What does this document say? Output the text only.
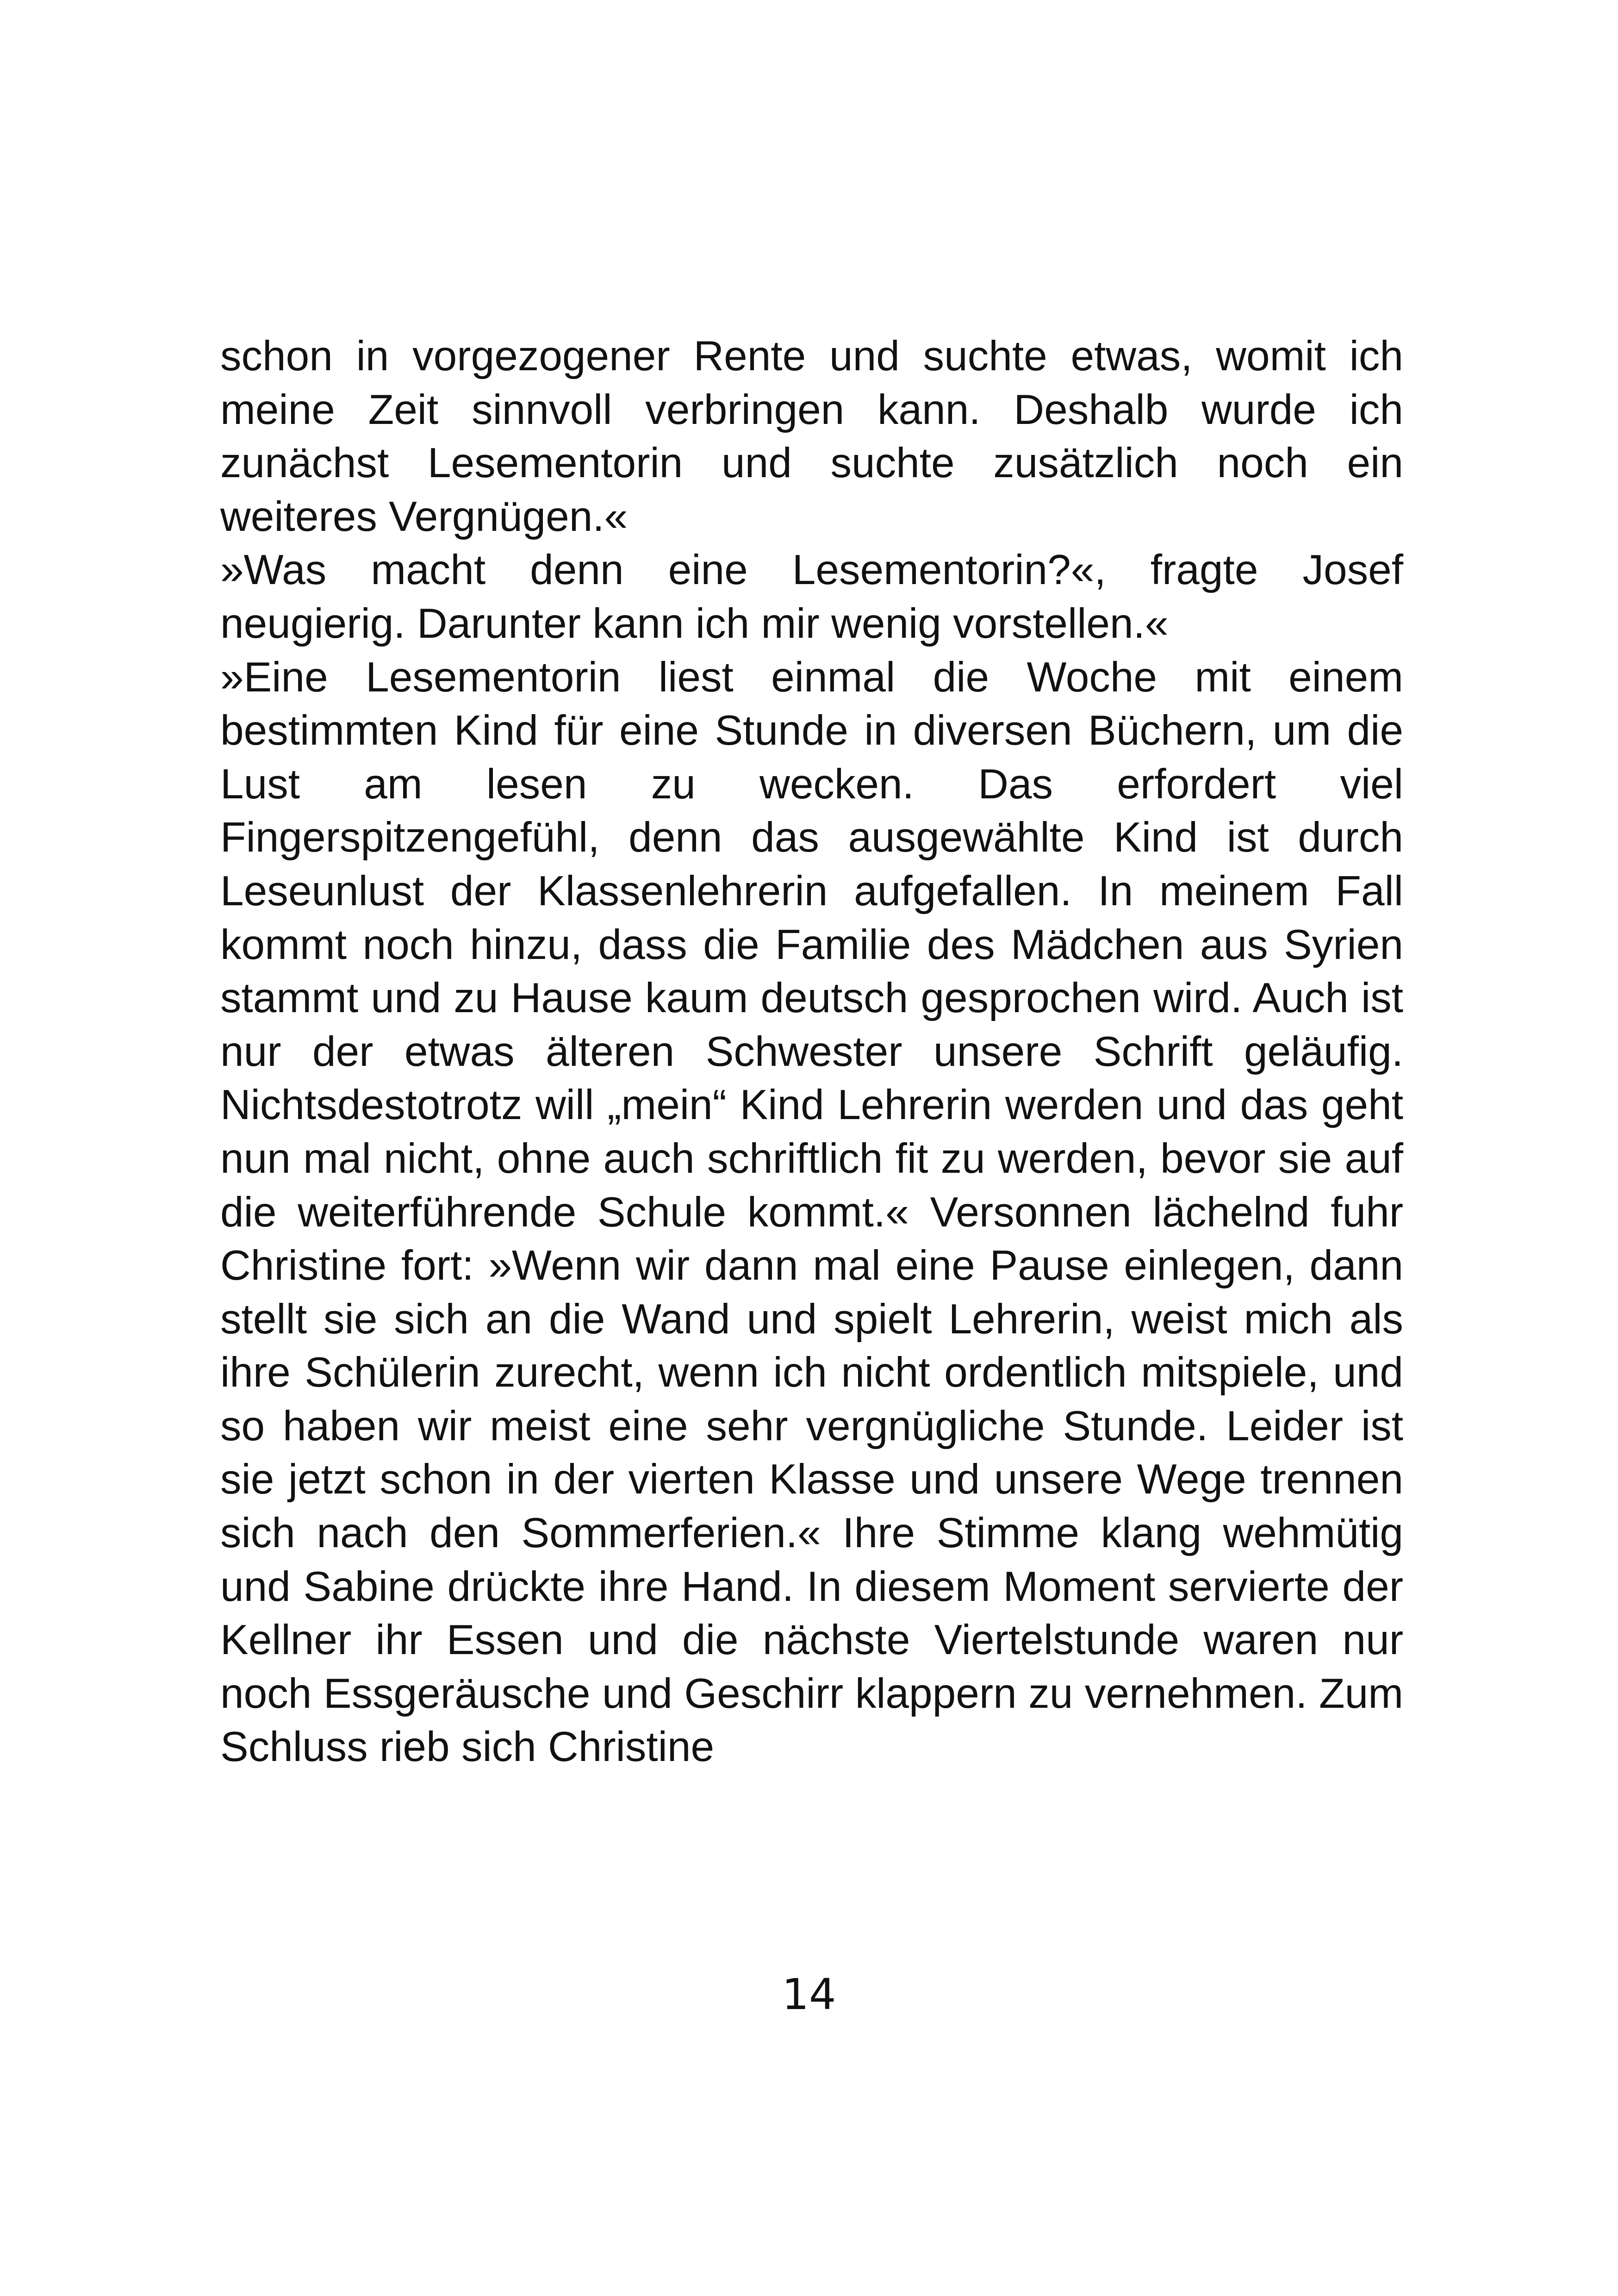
schon in vorgezogener Rente und suchte etwas, womit ich meine Zeit sinnvoll verbringen kann. Deshalb wurde ich zunächst Lesementorin und suchte zusätzlich noch ein weiteres Vergnügen.«

»Was macht denn eine Lesementorin?«, fragte Josef neugierig. Darunter kann ich mir wenig vorstellen.«

»Eine Lesementorin liest einmal die Woche mit einem bestimmten Kind für eine Stunde in diversen Büchern, um die Lust am lesen zu wecken. Das erfordert viel Fingerspitzengefühl, denn das ausgewählte Kind ist durch Leseunlust der Klassenlehrerin aufgefallen. In meinem Fall kommt noch hinzu, dass die Familie des Mädchen aus Syrien stammt und zu Hause kaum deutsch gesprochen wird. Auch ist nur der etwas älteren Schwester unsere Schrift geläufig. Nichtsdestotrotz will „mein“ Kind Lehrerin werden und das geht nun mal nicht, ohne auch schriftlich fit zu werden, bevor sie auf die weiterführende Schule kommt.« Versonnen lächelnd fuhr Christine fort: »Wenn wir dann mal eine Pause einlegen, dann stellt sie sich an die Wand und spielt Lehrerin, weist mich als ihre Schülerin zurecht, wenn ich nicht ordentlich mitspiele, und so haben wir meist eine sehr vergnügliche Stunde. Leider ist sie jetzt schon in der vierten Klasse und unsere Wege trennen sich nach den Sommerferien.« Ihre Stimme klang wehmütig und Sabine drückte ihre Hand. In diesem Moment servierte der Kellner ihr Essen und die nächste Viertelstunde waren nur noch Essgeräusche und Geschirr klappern zu vernehmen. Zum Schluss rieb sich Christine

14
